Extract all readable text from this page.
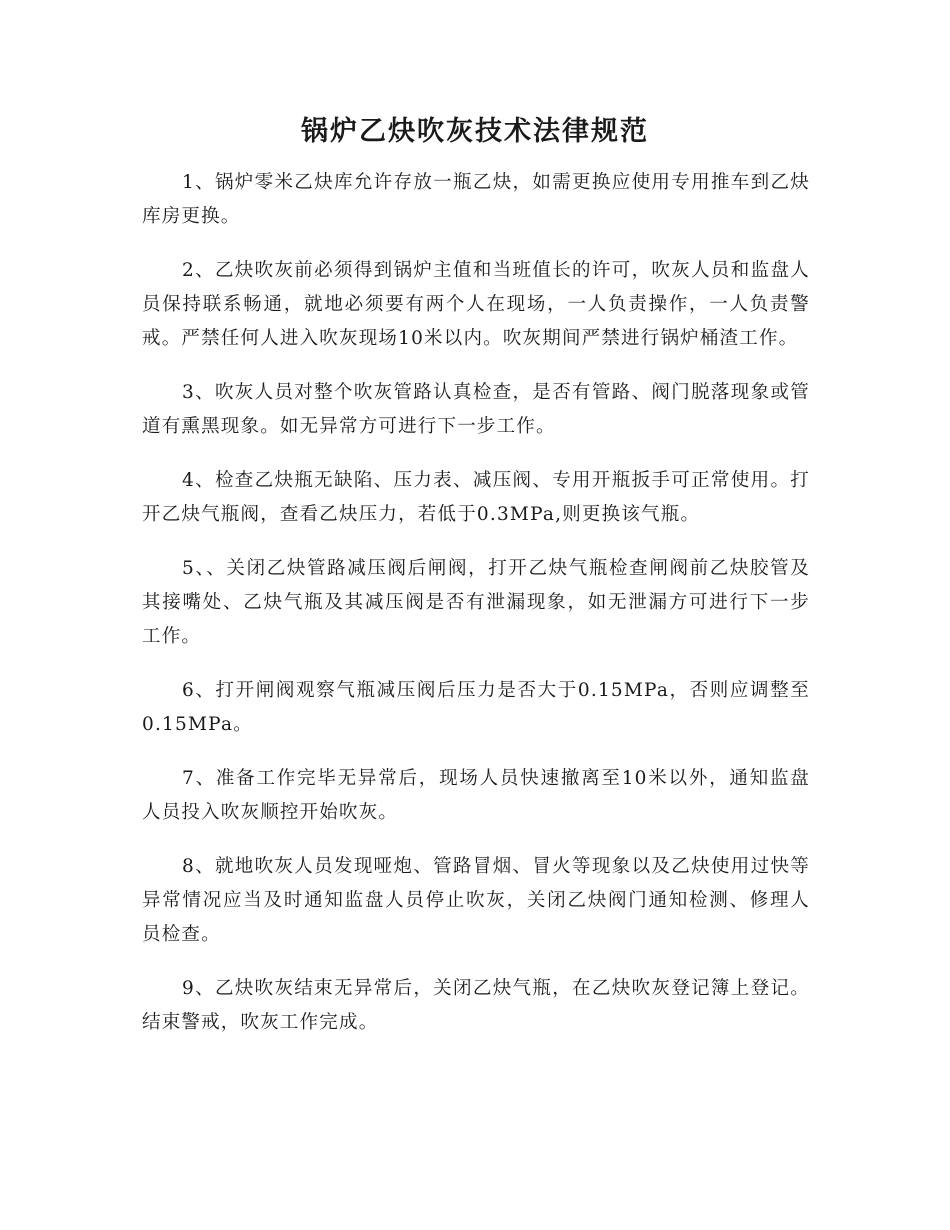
锅炉乙炔吹灰技术法律规范

1、锅炉零米乙炔库允许存放一瓶乙炔，如需更换应使用专用推车到乙炔库房更换。

2、乙炔吹灰前必须得到锅炉主值和当班值长的许可，吹灰人员和监盘人员保持联系畅通，就地必须要有两个人在现场，一人负责操作，一人负责警戒。严禁任何人进入吹灰现场10米以内。吹灰期间严禁进行锅炉桶渣工作。

3、吹灰人员对整个吹灰管路认真检查，是否有管路、阀门脱落现象或管道有熏黑现象。如无异常方可进行下一步工作。

4、检查乙炔瓶无缺陷、压力表、减压阀、专用开瓶扳手可正常使用。打开乙炔气瓶阀，查看乙炔压力，若低于0.3MPa,则更换该气瓶。

5、、关闭乙炔管路减压阀后闸阀，打开乙炔气瓶检查闸阀前乙炔胶管及其接嘴处、乙炔气瓶及其减压阀是否有泄漏现象，如无泄漏方可进行下一步工作。

6、打开闸阀观察气瓶减压阀后压力是否大于0.15MPa，否则应调整至0.15MPa。

7、准备工作完毕无异常后，现场人员快速撤离至10米以外，通知监盘人员投入吹灰顺控开始吹灰。

8、就地吹灰人员发现哑炮、管路冒烟、冒火等现象以及乙炔使用过快等异常情况应当及时通知监盘人员停止吹灰，关闭乙炔阀门通知检测、修理人员检查。

9、乙炔吹灰结束无异常后，关闭乙炔气瓶，在乙炔吹灰登记簿上登记。结束警戒，吹灰工作完成。
